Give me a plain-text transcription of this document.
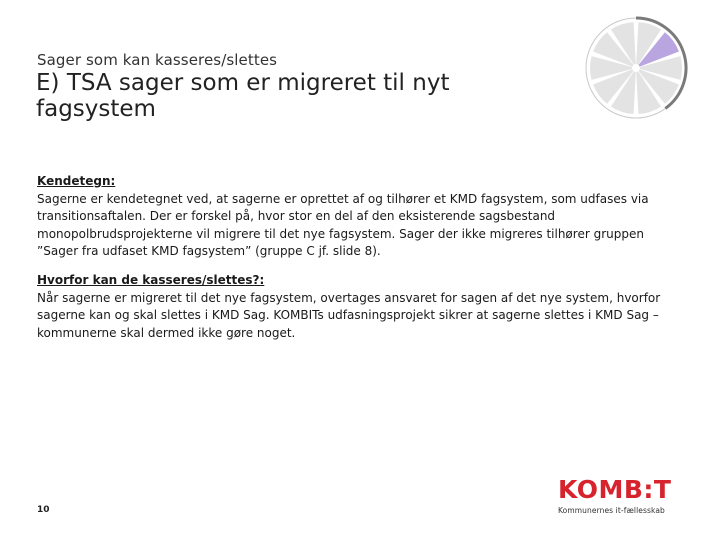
Sager som kan kasseres/slettes
E) TSA sager som er migreret til nyt fagsystem
Kendetegn:
Sagerne er kendetegnet ved, at sagerne er oprettet af og tilhører et KMD fagsystem, som udfases via transitionsaftalen. Der er forskel på, hvor stor en del af den eksisterende sagsbestand monopolbrudsprojekterne vil migrere til det nye fagsystem. Sager der ikke migreres tilhører gruppen ”Sager fra udfaset KMD fagsystem” (gruppe C jf. slide 8).
Hvorfor kan de kasseres/slettes?:
Når sagerne er migreret til det nye fagsystem, overtages ansvaret for sagen af det nye system, hvorfor sagerne kan og skal slettes i KMD Sag. KOMBITs udfasningsprojekt sikrer at sagerne slettes i KMD Sag – kommunerne skal dermed ikke gøre noget.
10
KOMB:T
Kommunernes it-fællesskab
